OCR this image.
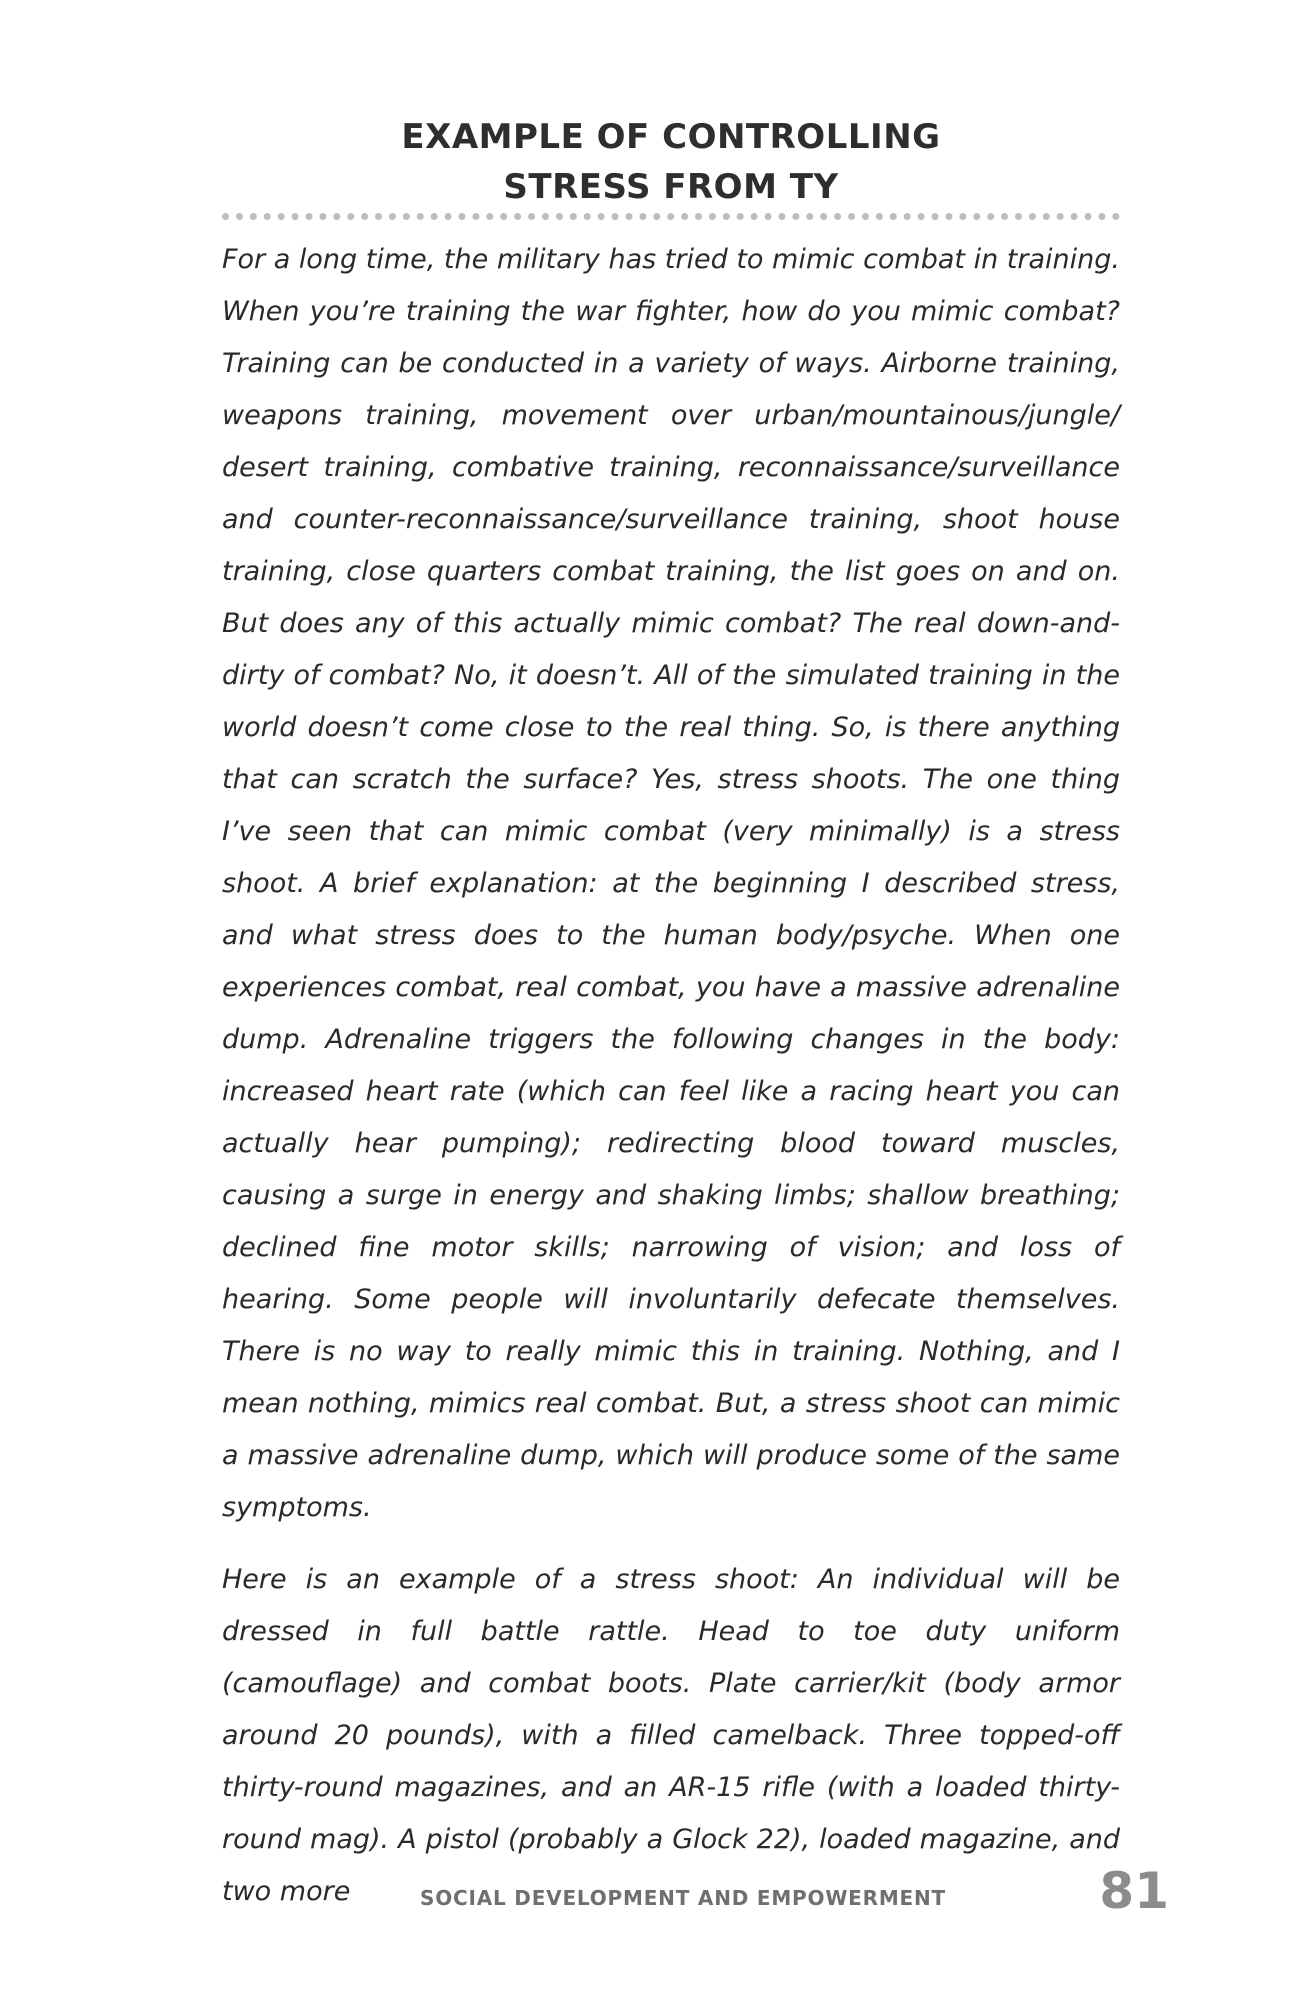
EXAMPLE OF CONTROLLING
STRESS FROM TY

For a long time, the military has tried to mimic combat in training. When you’re training the war fighter, how do you mimic combat? Training can be conducted in a variety of ways. Airborne training, weapons training, movement over urban/mountainous/jungle/ desert training, combative training, reconnaissance/surveillance and counter-reconnaissance/surveillance training, shoot house training, close quarters combat training, the list goes on and on. But does any of this actually mimic combat? The real down-and-dirty of combat? No, it doesn’t. All of the simulated training in the world doesn’t come close to the real thing. So, is there anything that can scratch the surface? Yes, stress shoots. The one thing I’ve seen that can mimic combat (very minimally) is a stress shoot. A brief explanation: at the beginning I described stress, and what stress does to the human body/psyche. When one experiences combat, real combat, you have a massive adrenaline dump. Adrenaline triggers the following changes in the body: increased heart rate (which can feel like a racing heart you can actually hear pumping); redirecting blood toward muscles, causing a surge in energy and shaking limbs; shallow breathing; declined fine motor skills; narrowing of vision; and loss of hearing. Some people will involuntarily defecate themselves. There is no way to really mimic this in training. Nothing, and I mean nothing, mimics real combat. But, a stress shoot can mimic a massive adrenaline dump, which will produce some of the same symptoms.

Here is an example of a stress shoot: An individual will be dressed in full battle rattle. Head to toe duty uniform (camouflage) and combat boots. Plate carrier/kit (body armor around 20 pounds), with a filled camelback. Three topped-off thirty-round magazines, and an AR-15 rifle (with a loaded thirty-round mag). A pistol (probably a Glock 22), loaded magazine, and two more	SOCIAL DEVELOPMENT AND EMPOWERMENT	81
